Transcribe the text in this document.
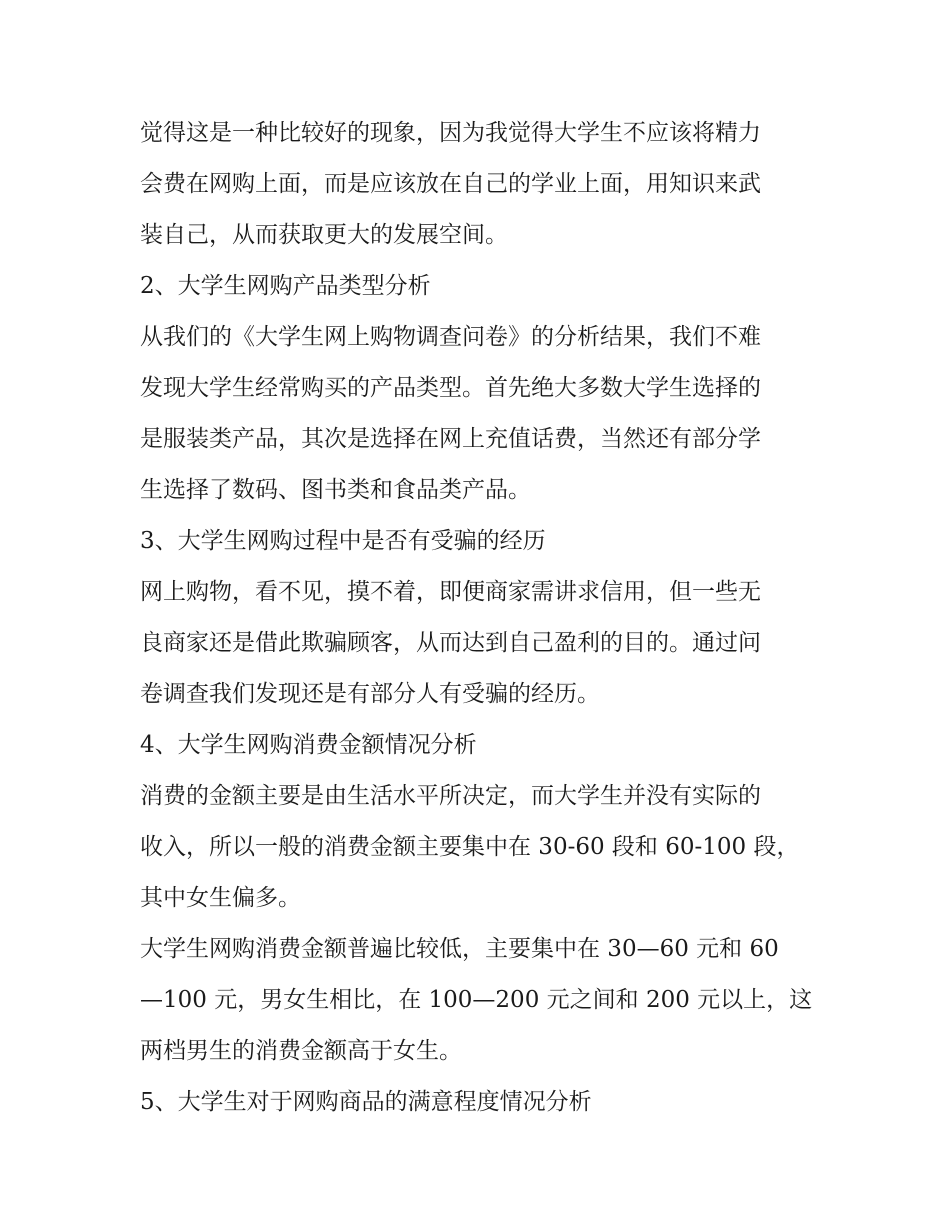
觉得这是一种比较好的现象，因为我觉得大学生不应该将精力
会费在网购上面，而是应该放在自己的学业上面，用知识来武
装自己，从而获取更大的发展空间。
2、大学生网购产品类型分析
从我们的《大学生网上购物调查问卷》的分析结果，我们不难
发现大学生经常购买的产品类型。首先绝大多数大学生选择的
是服装类产品，其次是选择在网上充值话费，当然还有部分学
生选择了数码、图书类和食品类产品。
3、大学生网购过程中是否有受骗的经历
网上购物，看不见，摸不着，即便商家需讲求信用，但一些无
良商家还是借此欺骗顾客，从而达到自己盈利的目的。通过问
卷调查我们发现还是有部分人有受骗的经历。
4、大学生网购消费金额情况分析
消费的金额主要是由生活水平所决定，而大学生并没有实际的
收入，所以一般的消费金额主要集中在 30-60 段和 60-100 段，
其中女生偏多。
大学生网购消费金额普遍比较低，主要集中在 30—60 元和 60
—100 元，男女生相比，在 100—200 元之间和 200 元以上，这
两档男生的消费金额高于女生。
5、大学生对于网购商品的满意程度情况分析
